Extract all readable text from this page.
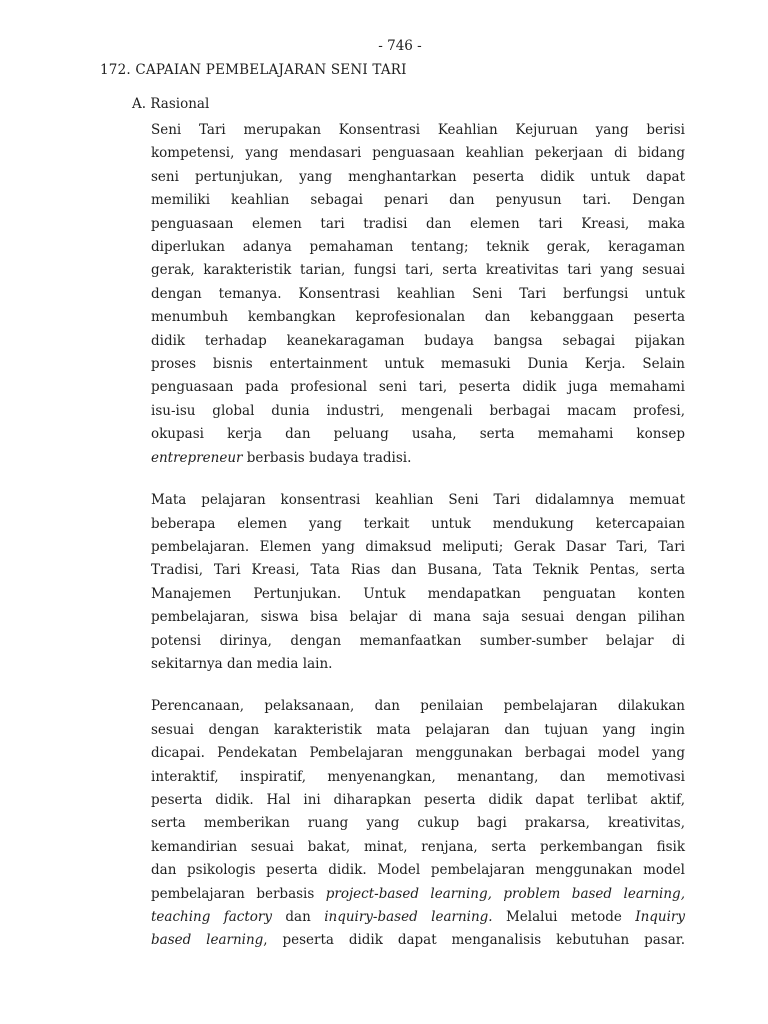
- 746 -
172. CAPAIAN PEMBELAJARAN SENI TARI
A. Rasional

Seni Tari merupakan Konsentrasi Keahlian Kejuruan yang berisi
kompetensi, yang mendasari penguasaan keahlian pekerjaan di bidang
seni pertunjukan, yang menghantarkan peserta didik untuk dapat
memiliki keahlian sebagai penari dan penyusun tari. Dengan
penguasaan elemen tari tradisi dan elemen tari Kreasi, maka
diperlukan adanya pemahaman tentang; teknik gerak, keragaman
gerak, karakteristik tarian, fungsi tari, serta kreativitas tari yang sesuai
dengan temanya. Konsentrasi keahlian Seni Tari berfungsi untuk
menumbuh kembangkan keprofesionalan dan kebanggaan peserta
didik terhadap keanekaragaman budaya bangsa sebagai pijakan
proses bisnis entertainment untuk memasuki Dunia Kerja. Selain
penguasaan pada profesional seni tari, peserta didik juga memahami
isu-isu global dunia industri, mengenali berbagai macam profesi,
okupasi kerja dan peluang usaha, serta memahami konsep
entrepreneur berbasis budaya tradisi.

Mata pelajaran konsentrasi keahlian Seni Tari didalamnya memuat
beberapa elemen yang terkait untuk mendukung ketercapaian
pembelajaran. Elemen yang dimaksud meliputi; Gerak Dasar Tari, Tari
Tradisi, Tari Kreasi, Tata Rias dan Busana, Tata Teknik Pentas, serta
Manajemen Pertunjukan. Untuk mendapatkan penguatan konten
pembelajaran, siswa bisa belajar di mana saja sesuai dengan pilihan
potensi dirinya, dengan memanfaatkan sumber-sumber belajar di
sekitarnya dan media lain.

Perencanaan, pelaksanaan, dan penilaian pembelajaran dilakukan
sesuai dengan karakteristik mata pelajaran dan tujuan yang ingin
dicapai. Pendekatan Pembelajaran menggunakan berbagai model yang
interaktif, inspiratif, menyenangkan, menantang, dan memotivasi
peserta didik. Hal ini diharapkan peserta didik dapat terlibat aktif,
serta memberikan ruang yang cukup bagi prakarsa, kreativitas,
kemandirian sesuai bakat, minat, renjana, serta perkembangan fisik
dan psikologis peserta didik. Model pembelajaran menggunakan model
pembelajaran berbasis project-based learning, problem based learning,
teaching factory dan inquiry-based learning. Melalui metode Inquiry
based learning, peserta didik dapat menganalisis kebutuhan pasar.
